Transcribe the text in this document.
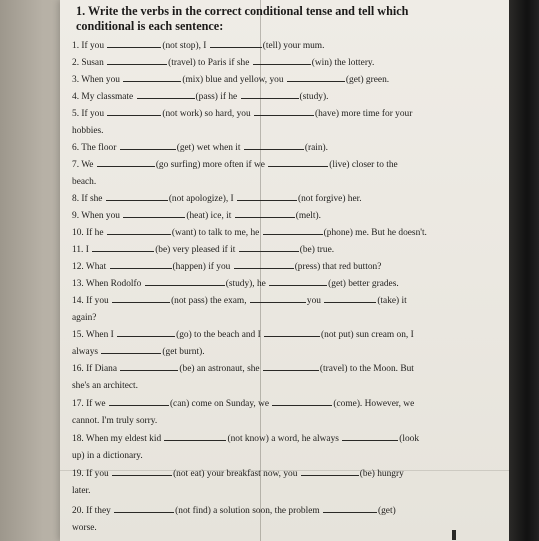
1. Write the verbs in the correct conditional tense and tell which conditional is each sentence:
1. If you	(not stop), I	(tell) your mum.
2. Susan	(travel) to Paris if she	(win) the lottery.
3. When you	(mix) blue and yellow, you	(get) green.
4. My classmate	(pass) if he	(study).
5. If you	(not work) so hard, you	(have) more time for your
hobbies.
6. The floor	(get) wet when it	(rain).
7. We	(go surfing) more often if we	(live) closer to the
beach.
8. If she	(not apologize), I	(not forgive) her.
9. When you	(heat) ice, it	(melt).
10. If he	(want) to talk to me, he	(phone) me. But he doesn't.
11. I	(be) very pleased if it	(be) true.
12. What	(happen) if you	(press) that red button?
13. When Rodolfo	(study), he	(get) better grades.
14. If you	(not pass) the exam,	you	(take) it
again?
15. When I	(go) to the beach and I	(not put) sun cream on, I
always	(get burnt).
16. If Diana	(be) an astronaut, she	(travel) to the Moon. But
she's an architect.
17. If we	(can) come on Sunday, we	(come). However, we
cannot. I'm truly sorry.
18. When my eldest kid	(not know) a word, he always	(look
up) in a dictionary.
19. If you	(not eat) your breakfast now, you	(be) hungry
later.
20. If they	(not find) a solution soon, the problem	(get)
worse.
